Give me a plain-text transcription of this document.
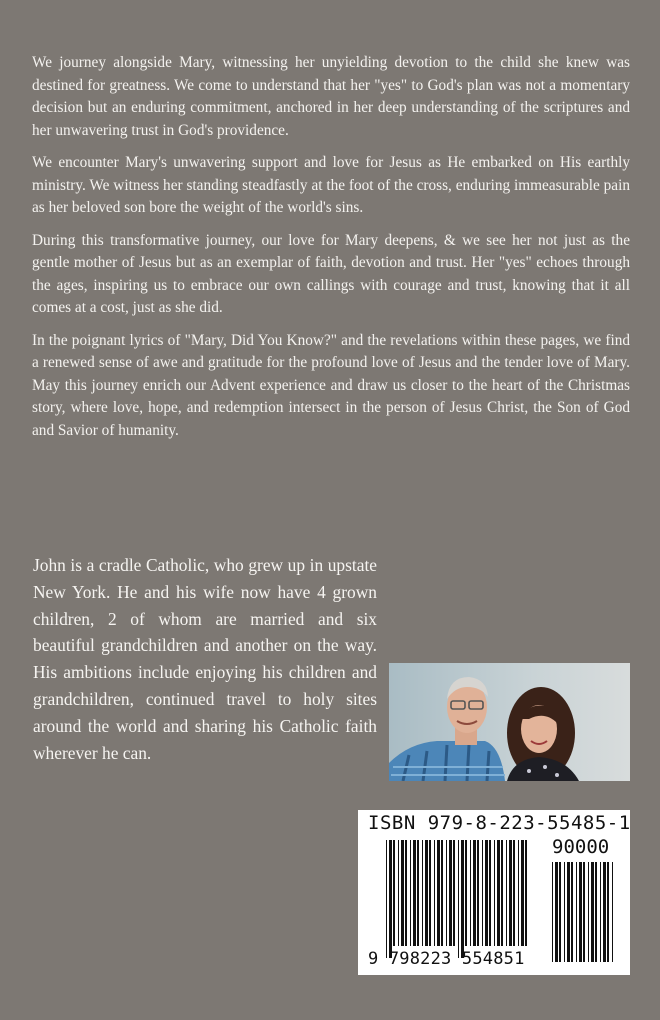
We journey alongside Mary, witnessing her unyielding devotion to the child she knew was destined for greatness. We come to understand that her "yes" to God's plan was not a momentary decision but an enduring commitment, anchored in her deep understanding of the scriptures and her unwavering trust in God's providence.

We encounter Mary's unwavering support and love for Jesus as He embarked on His earthly ministry. We witness her standing steadfastly at the foot of the cross, enduring immeasurable pain as her beloved son bore the weight of the world's sins.

During this transformative journey, our love for Mary deepens, & we see her not just as the gentle mother of Jesus but as an exemplar of faith, devotion and trust. Her "yes" echoes through the ages, inspiring us to embrace our own callings with courage and trust, knowing that it all comes at a cost, just as she did.

In the poignant lyrics of "Mary, Did You Know?" and the revelations within these pages, we find a renewed sense of awe and gratitude for the profound love of Jesus and the tender love of Mary. May this journey enrich our Advent experience and draw us closer to the heart of the Christmas story, where love, hope, and redemption intersect in the person of Jesus Christ, the Son of God and Savior of humanity.

John is a cradle Catholic, who grew up in upstate New York. He and his wife now have 4 grown children, 2 of whom are married and six beautiful grandchildren and another on the way. His ambitions include enjoying his children and grandchildren, continued travel to holy sites around the world and sharing his Catholic faith wherever he can.

ISBN 979-8-223-55485-1
90000
9 798223 554851
